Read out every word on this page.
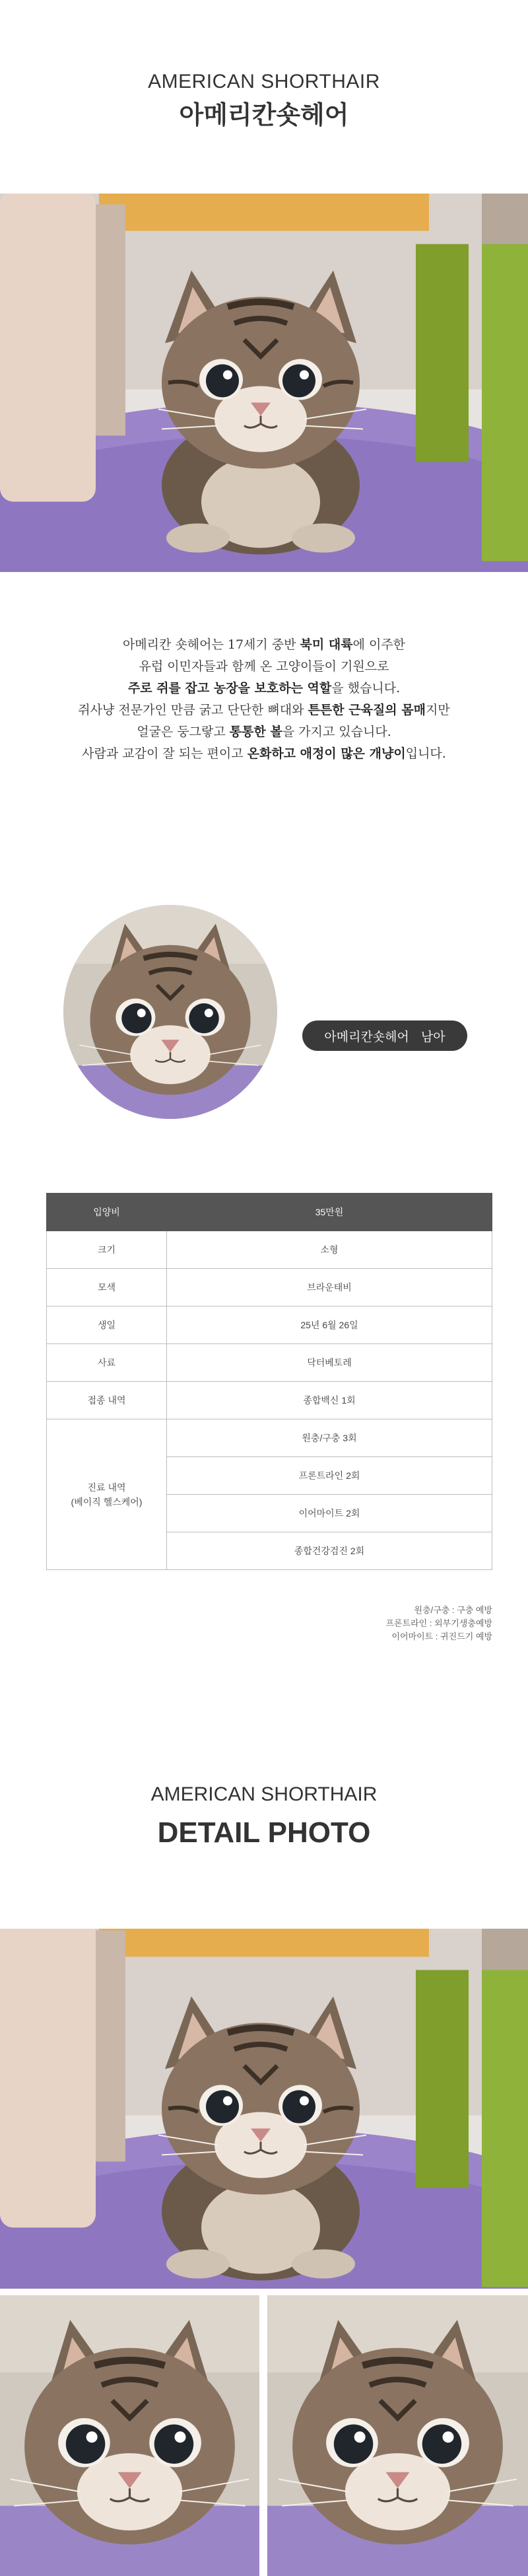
AMERICAN SHORTHAIR
아메리칸숏헤어
아메리칸 숏헤어는 17세기 중반 북미 대륙에 이주한
유럽 이민자들과 함께 온 고양이들이 기원으로
주로 쥐를 잡고 농장을 보호하는 역할을 했습니다.
쥐사냥 전문가인 만큼 굵고 단단한 뼈대와 튼튼한 근육질의 몸매지만
얼굴은 둥그랗고 통통한 볼을 가지고 있습니다.
사람과 교감이 잘 되는 편이고 온화하고 애정이 많은 개냥이입니다.
아메리칸숏헤어 남아
입양비	35만원
크기	소형
모색	브라운태비
생일	25년 6월 26일
사료	닥터베토레
접종 내역	종합백신 1회

진료 내역
(베이직 헬스케어)	원충/구충 3회
	프론트라인 2회
	이어마이트 2회
	종합건강검진 2회
원충/구충 : 구충 예방
프론트라인 : 외부기생충예방
이어마이트 : 귀진드기 예방
AMERICAN SHORTHAIR
DETAIL PHOTO
